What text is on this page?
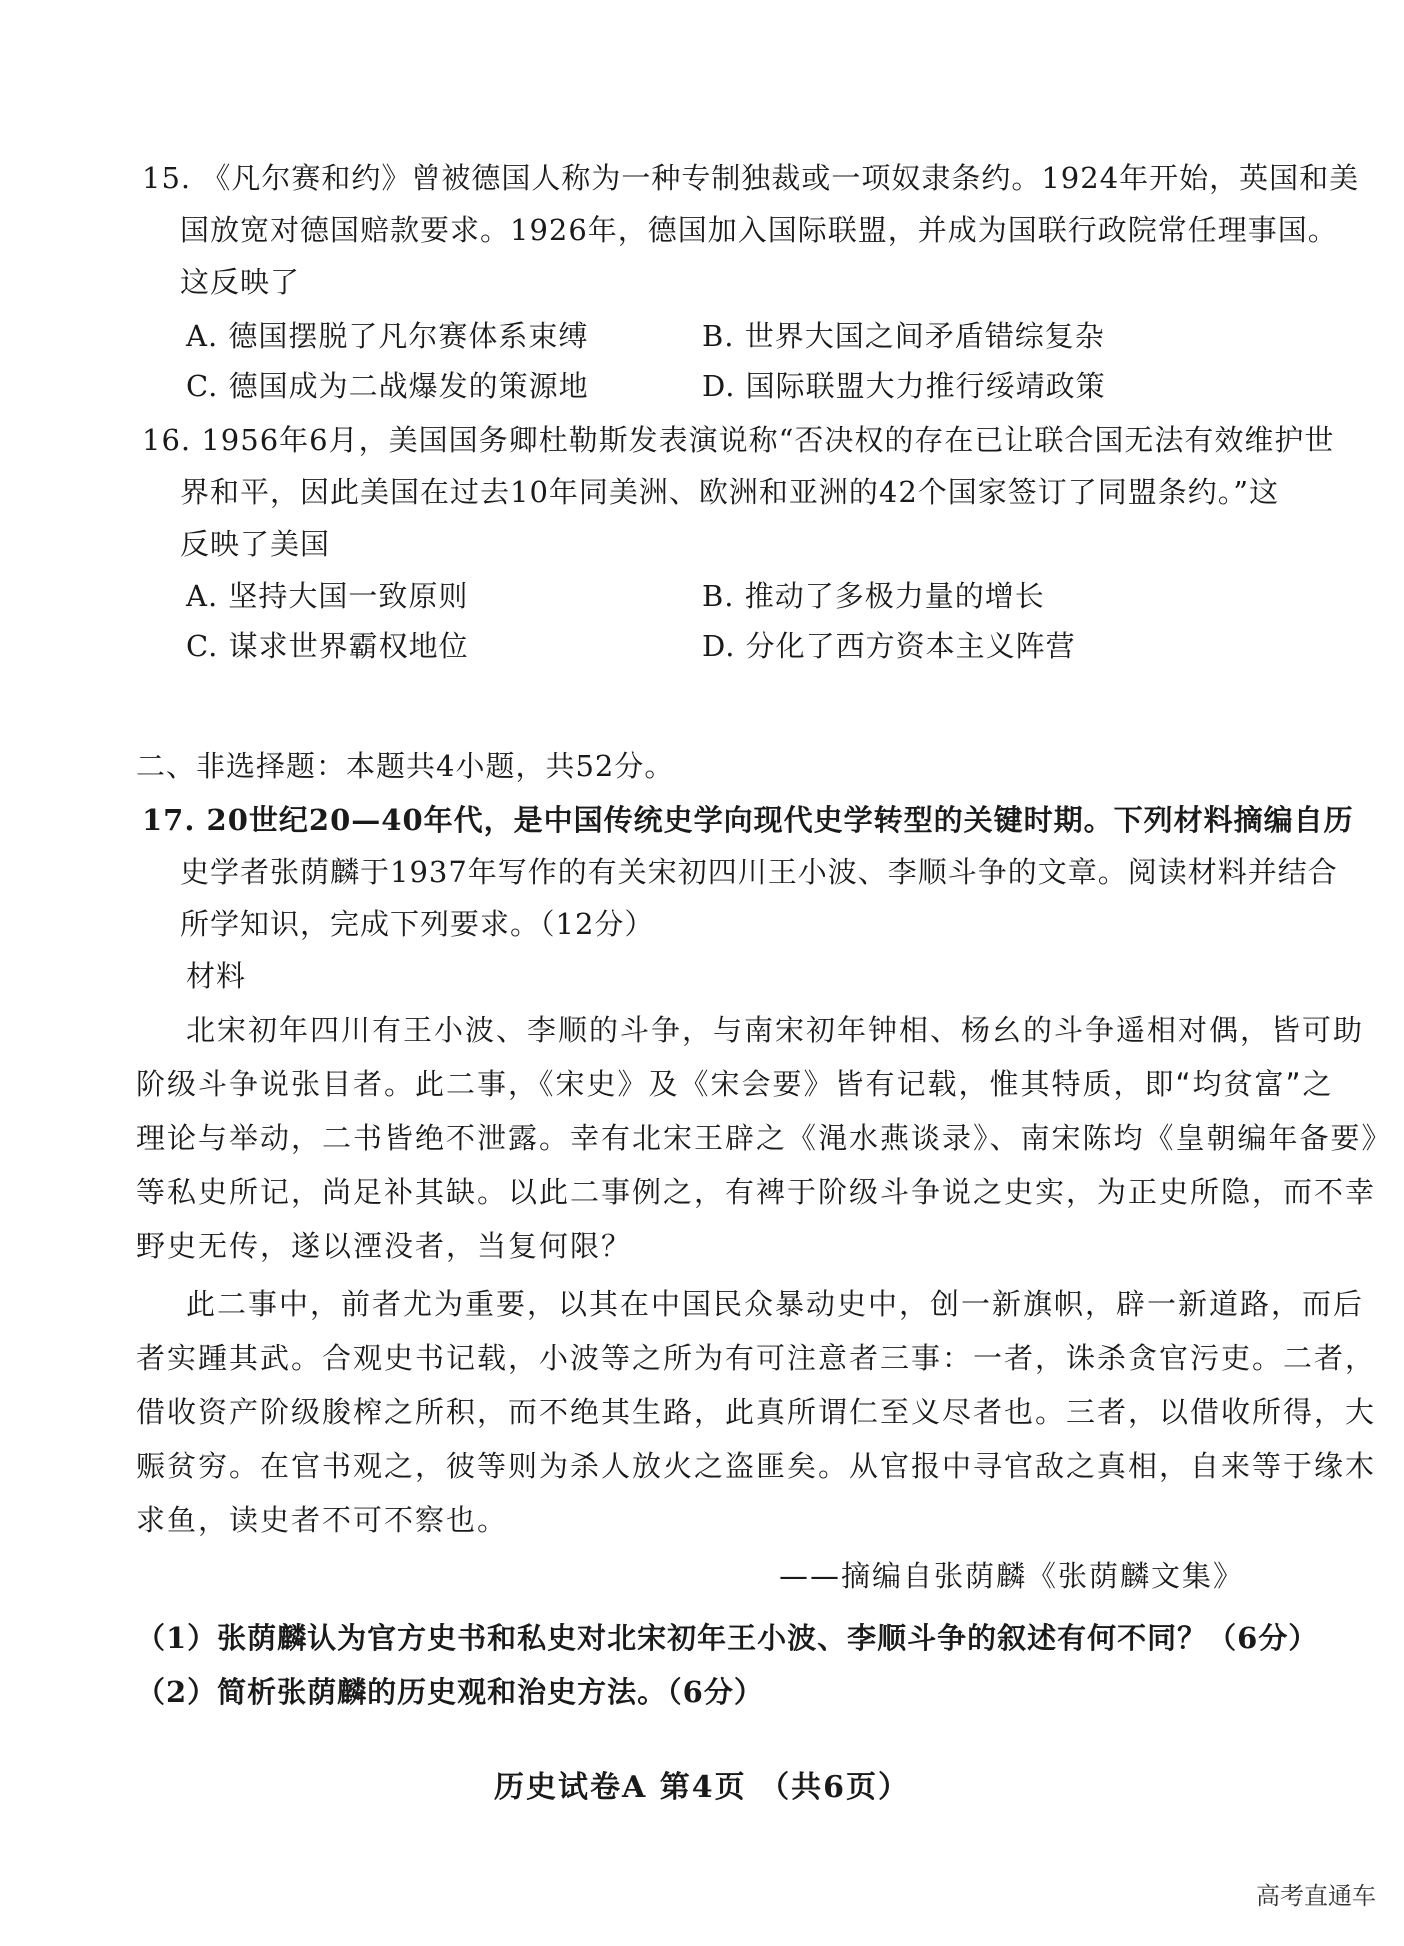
15. 《凡尔赛和约》曾被德国人称为一种专制独裁或一项奴隶条约。1924年开始，英国和美
国放宽对德国赔款要求。1926年，德国加入国际联盟，并成为国联行政院常任理事国。
这反映了
A. 德国摆脱了凡尔赛体系束缚	B. 世界大国之间矛盾错综复杂
C. 德国成为二战爆发的策源地	D. 国际联盟大力推行绥靖政策
16. 1956年6月，美国国务卿杜勒斯发表演说称“否决权的存在已让联合国无法有效维护世
界和平，因此美国在过去10年同美洲、欧洲和亚洲的42个国家签订了同盟条约。”这
反映了美国
A. 坚持大国一致原则	B. 推动了多极力量的增长
C. 谋求世界霸权地位	D. 分化了西方资本主义阵营
二、非选择题：本题共4小题，共52分。
17. 20世纪20—40年代，是中国传统史学向现代史学转型的关键时期。下列材料摘编自历
史学者张荫麟于1937年写作的有关宋初四川王小波、李顺斗争的文章。阅读材料并结合
所学知识，完成下列要求。（12分）
材料
北宋初年四川有王小波、李顺的斗争，与南宋初年钟相、杨幺的斗争遥相对偶，皆可助
阶级斗争说张目者。此二事，《宋史》及《宋会要》皆有记载，惟其特质，即“均贫富”之
理论与举动，二书皆绝不泄露。幸有北宋王辟之《渑水燕谈录》、南宋陈均《皇朝编年备要》
等私史所记，尚足补其缺。以此二事例之，有裨于阶级斗争说之史实，为正史所隐，而不幸
野史无传，遂以湮没者，当复何限？
此二事中，前者尤为重要，以其在中国民众暴动史中，创一新旗帜，辟一新道路，而后
者实踵其武。合观史书记载，小波等之所为有可注意者三事：一者，诛杀贪官污吏。二者，
借收资产阶级朘榨之所积，而不绝其生路，此真所谓仁至义尽者也。三者，以借收所得，大
赈贫穷。在官书观之，彼等则为杀人放火之盗匪矣。从官报中寻官敌之真相，自来等于缘木
求鱼，读史者不可不察也。
——摘编自张荫麟《张荫麟文集》
（1）张荫麟认为官方史书和私史对北宋初年王小波、李顺斗争的叙述有何不同？（6分）
（2）简析张荫麟的历史观和治史方法。（6分）
历史试卷A 第4页 （共6页）
高考直通车
